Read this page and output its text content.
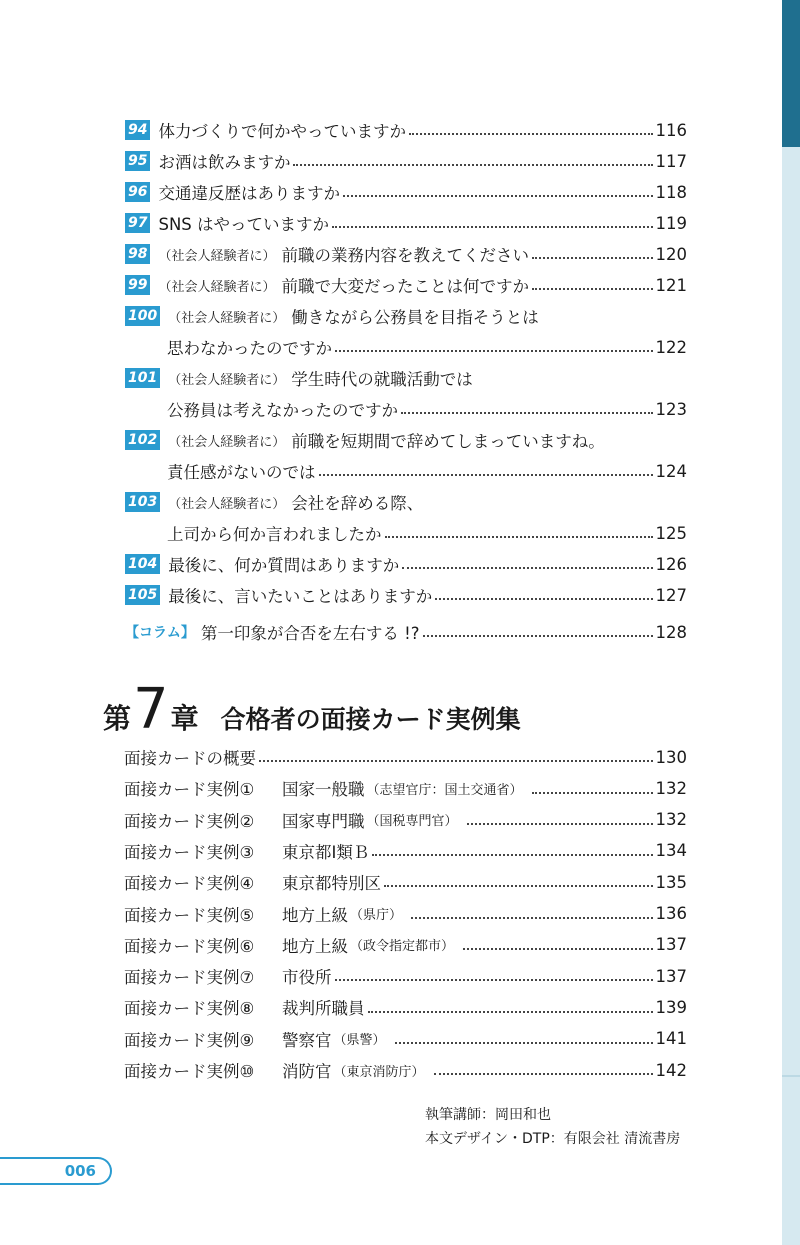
94 体力づくりで何かやっていますか	116
95 お酒は飲みますか	117
96 交通違反歴はありますか	118
97 SNS はやっていますか	119
98 （社会人経験者に） 前職の業務内容を教えてください	120
99 （社会人経験者に） 前職で大変だったことは何ですか	121
100 （社会人経験者に） 働きながら公務員を目指そうとは
思わなかったのですか	122
101 （社会人経験者に） 学生時代の就職活動では
公務員は考えなかったのですか	123
102 （社会人経験者に） 前職を短期間で辞めてしまっていますね。
責任感がないのでは	124
103 （社会人経験者に） 会社を辞める際、
上司から何か言われましたか	125
104 最後に、何か質問はありますか	126
105 最後に、言いたいことはありますか	127
【コラム】 第一印象が合否を左右する !?	128
第 7 章 合格者の面接カード実例集
面接カードの概要	130
面接カード実例①	国家一般職 （志望官庁：国土交通省）	132
面接カード実例②	国家専門職 （国税専門官）	132
面接カード実例③	東京都Ⅰ類Ｂ	134
面接カード実例④	東京都特別区	135
面接カード実例⑤	地方上級 （県庁）	136
面接カード実例⑥	地方上級 （政令指定都市）	137
面接カード実例⑦	市役所	137
面接カード実例⑧	裁判所職員	139
面接カード実例⑨	警察官 （県警）	141
面接カード実例⑩	消防官 （東京消防庁）	142
執筆講師：岡田和也
本文デザイン・DTP：有限会社 清流書房
006
